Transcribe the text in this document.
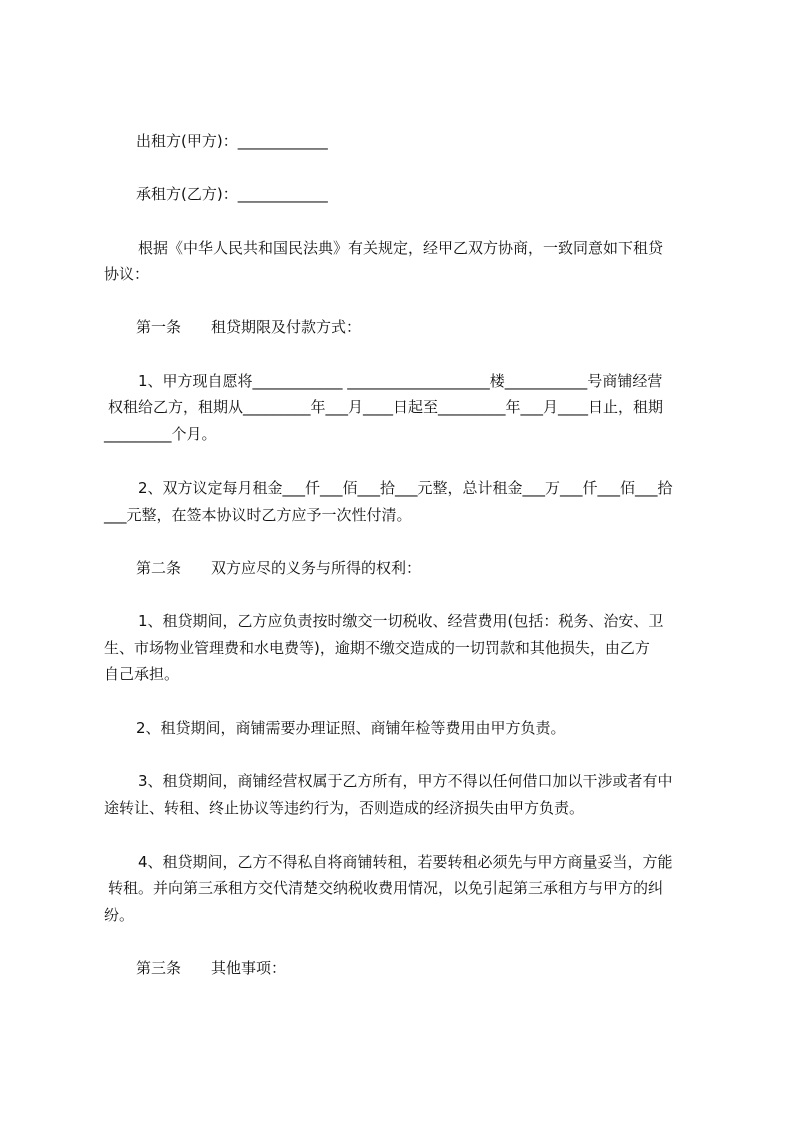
出租方(甲方)：____________
承租方(乙方)：____________
根据《中华人民共和国民法典》有关规定，经甲乙双方协商，一致同意如下租贷
协议：
第一条　　租贷期限及付款方式：
1、甲方现自愿将____________ ___________________楼___________号商铺经营
权租给乙方，租期从_________年___月____日起至_________年___月____日止，租期
_________个月。
2、双方议定每月租金___仟___佰___拾___元整，总计租金___万___仟___佰___拾
___元整，在签本协议时乙方应予一次性付清。
第二条　　双方应尽的义务与所得的权利：
1、租贷期间，乙方应负责按时缴交一切税收、经营费用(包括：税务、治安、卫
生、市场物业管理费和水电费等)，逾期不缴交造成的一切罚款和其他损失，由乙方
自己承担。
2、租贷期间，商铺需要办理证照、商铺年检等费用由甲方负责。
3、租贷期间，商铺经营权属于乙方所有，甲方不得以任何借口加以干涉或者有中
途转让、转租、终止协议等违约行为，否则造成的经济损失由甲方负责。
4、租贷期间，乙方不得私自将商铺转租，若要转租必须先与甲方商量妥当，方能
转租。并向第三承租方交代清楚交纳税收费用情况，以免引起第三承租方与甲方的纠
纷。
第三条　　其他事项：
